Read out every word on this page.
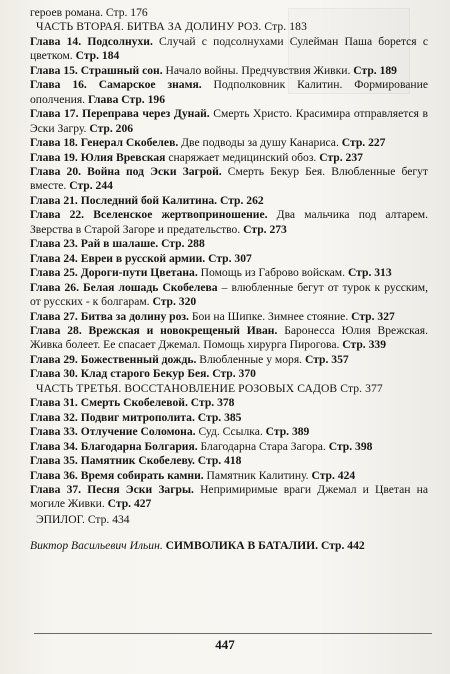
героев романа. Стр. 176

ЧАСТЬ ВТОРАЯ. БИТВА ЗА ДОЛИНУ РОЗ. Стр. 183

Глава 14. Подсолнухи. Случай с подсолнухами Сулейман Паша борется с цветком. Стр. 184

Глава 15. Страшный сон. Начало войны. Предчувствия Живки. Стр. 189

Глава 16. Самарское знамя. Подполковник Калитин. Формирование ополчения. Глава Стр. 196

Глава 17. Переправа через Дунай. Смерть Христо. Красимира отправляется в Эски Загру. Стр. 206

Глава 18. Генерал Скобелев. Две подводы за душу Канариса. Стр. 227

Глава 19. Юлия Вревская снаряжает медицинский обоз. Стр. 237

Глава 20. Война под Эски Загрой. Смерть Бекур Бея. Влюбленные бегут вместе. Стр. 244

Глава 21. Последний бой Калитина. Стр. 262

Глава 22. Вселенское жертвоприношение. Два мальчика под алтарем. Зверства в Старой Загоре и предательство. Стр. 273

Глава 23. Рай в шалаше. Стр. 288

Глава 24. Евреи в русской армии. Стр. 307

Глава 25. Дороги-пути Цветана. Помощь из Габрово войскам. Стр. 313

Глава 26. Белая лошадь Скобелева – влюбленные бегут от турок к русским, от русских - к болгарам. Стр. 320

Глава 27. Битва за долину роз. Бои на Шипке. Зимнее стояние. Стр. 327

Глава 28. Врежская и новокрещеный Иван. Баронесса Юлия Врежская. Живка болеет. Ее спасает Джемал. Помощь хирурга Пирогова. Стр. 339

Глава 29. Божественный дождь. Влюбленные у моря. Стр. 357

Глава 30. Клад старого Бекур Бея. Стр. 370

ЧАСТЬ ТРЕТЬЯ. ВОССТАНОВЛЕНИЕ РОЗОВЫХ САДОВ Стр. 377

Глава 31. Смерть Скобелевой. Стр. 378

Глава 32. Подвиг митрополита. Стр. 385

Глава 33. Отлучение Соломона. Суд. Ссылка. Стр. 389

Глава 34. Благодарна Болгария. Благодарна Стара Загора. Стр. 398

Глава 35. Памятник Скобелеву. Стр. 418

Глава 36. Время собирать камни. Памятник Калитину. Стр. 424

Глава 37. Песня Эски Загры. Непримиримые враги Джемал и Цветан на могиле Живки. Стр. 427

ЭПИЛОГ. Стр. 434

Виктор Васильевич Ильин. СИМВОЛИКА В БАТАЛИИ. Стр. 442

447
